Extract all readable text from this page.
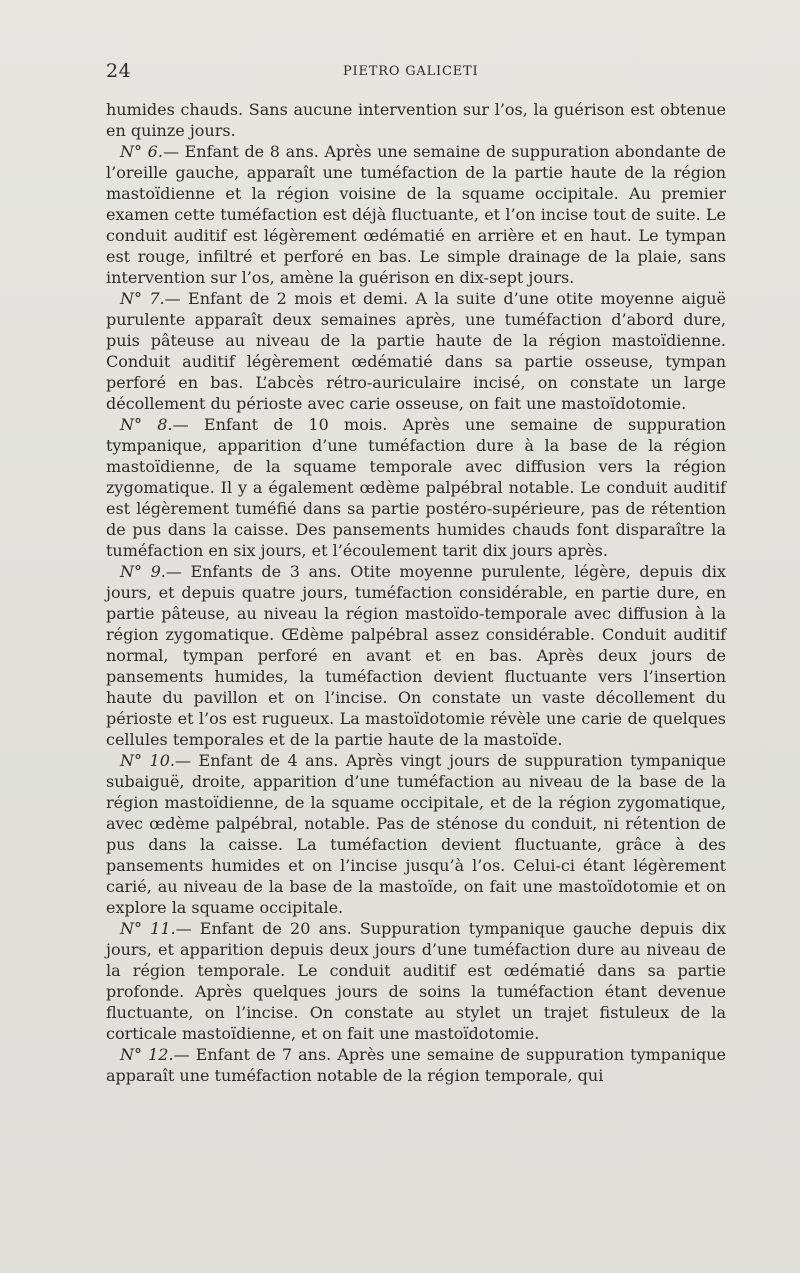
24	PIETRO GALICETI

humides chauds. Sans aucune intervention sur l’os, la guérison est obtenue en quinze jours.

N° 6.— Enfant de 8 ans. Après une semaine de suppuration abondante de l’oreille gauche, apparaît une tuméfaction de la partie haute de la région mastoïdienne et la région voisine de la squame occipitale. Au premier examen cette tuméfaction est déjà fluctuante, et l’on incise tout de suite. Le conduit auditif est légèrement œdématié en arrière et en haut. Le tympan est rouge, infiltré et perforé en bas. Le simple drainage de la plaie, sans intervention sur l’os, amène la guérison en dix-sept jours.

N° 7.— Enfant de 2 mois et demi. A la suite d’une otite moyenne aiguë purulente apparaît deux semaines après, une tuméfaction d’abord dure, puis pâteuse au niveau de la partie haute de la région mastoïdienne. Conduit auditif légèrement œdématié dans sa partie osseuse, tympan perforé en bas. L’abcès rétro-auriculaire incisé, on constate un large décollement du périoste avec carie osseuse, on fait une mastoïdotomie.

N° 8.— Enfant de 10 mois. Après une semaine de suppuration tympanique, apparition d’une tuméfaction dure à la base de la région mastoïdienne, de la squame temporale avec diffusion vers la région zygomatique. Il y a également œdème palpébral notable. Le conduit auditif est légèrement tuméfié dans sa partie postéro-supérieure, pas de rétention de pus dans la caisse. Des pansements humides chauds font disparaître la tuméfaction en six jours, et l’écoulement tarit dix jours après.

N° 9.— Enfants de 3 ans. Otite moyenne purulente, légère, depuis dix jours, et depuis quatre jours, tuméfaction considérable, en partie dure, en partie pâteuse, au niveau la région mastoïdo-temporale avec diffusion à la région zygomatique. Œdème palpébral assez considérable. Conduit auditif normal, tympan perforé en avant et en bas. Après deux jours de pansements humides, la tuméfaction devient fluctuante vers l’insertion haute du pavillon et on l’incise. On constate un vaste décollement du périoste et l’os est rugueux. La mastoïdotomie révèle une carie de quelques cellules temporales et de la partie haute de la mastoïde.

N° 10.— Enfant de 4 ans. Après vingt jours de suppuration tympanique subaiguë, droite, apparition d’une tuméfaction au niveau de la base de la région mastoïdienne, de la squame occipitale, et de la région zygomatique, avec œdème palpébral, notable. Pas de sténose du conduit, ni rétention de pus dans la caisse. La tuméfaction devient fluctuante, grâce à des pansements humides et on l’incise jusqu’à l’os. Celui-ci étant légèrement carié, au niveau de la base de la mastoïde, on fait une mastoïdotomie et on explore la squame occipitale.

N° 11.— Enfant de 20 ans. Suppuration tympanique gauche depuis dix jours, et apparition depuis deux jours d’une tuméfaction dure au niveau de la région temporale. Le conduit auditif est œdématié dans sa partie profonde. Après quelques jours de soins la tuméfaction étant devenue fluctuante, on l’incise. On constate au stylet un trajet fistuleux de la corticale mastoïdienne, et on fait une mastoïdotomie.

N° 12.— Enfant de 7 ans. Après une semaine de suppuration tympanique apparaît une tuméfaction notable de la région temporale, qui
